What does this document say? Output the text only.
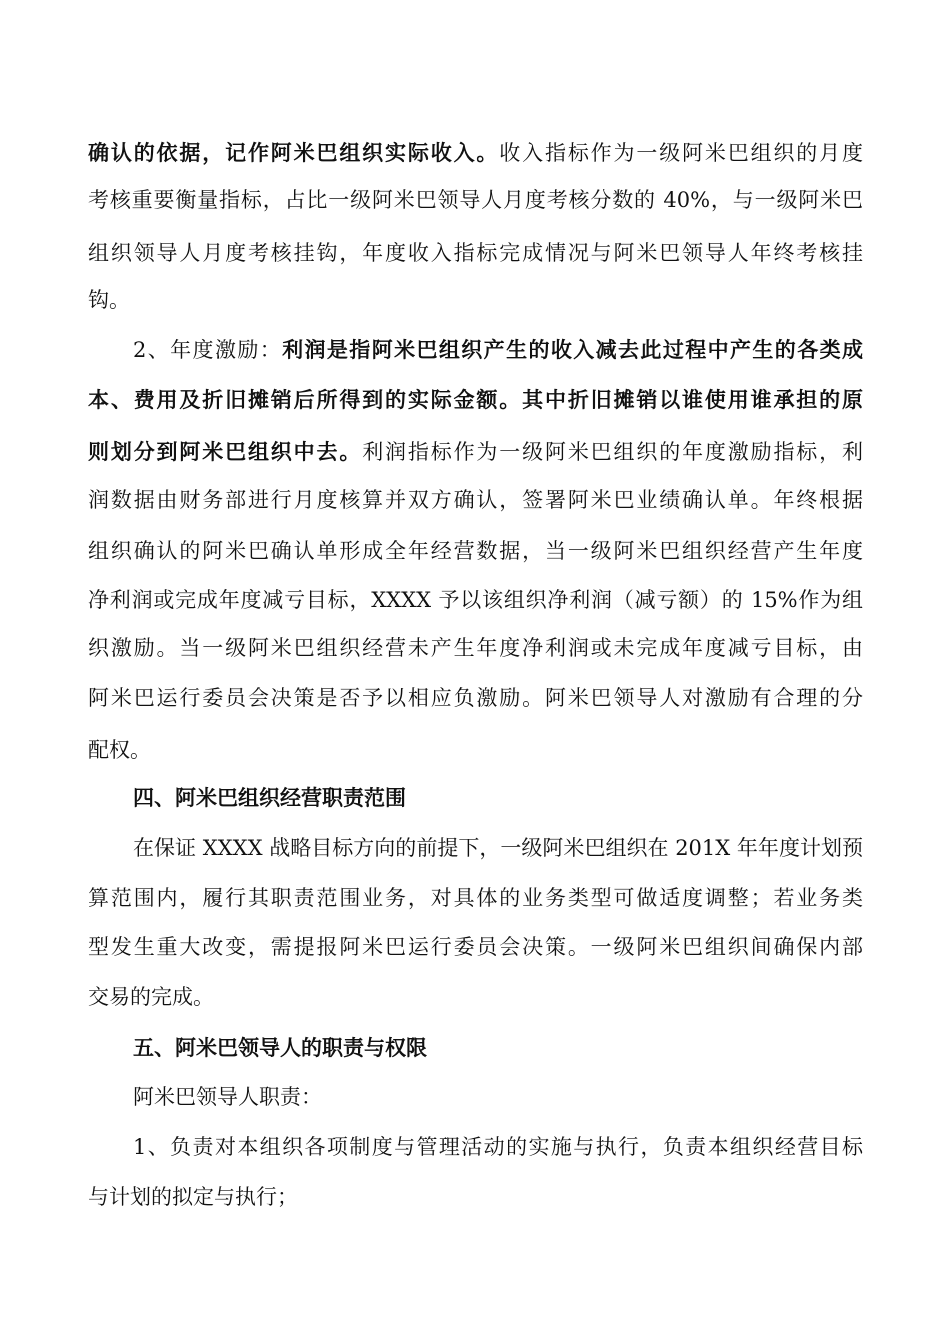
确认的依据，记作阿米巴组织实际收入。收入指标作为一级阿米巴组织的月度
考核重要衡量指标，占比一级阿米巴领导人月度考核分数的 40%，与一级阿米巴
组织领导人月度考核挂钩，年度收入指标完成情况与阿米巴领导人年终考核挂
钩。
2、年度激励：利润是指阿米巴组织产生的收入减去此过程中产生的各类成
本、费用及折旧摊销后所得到的实际金额。其中折旧摊销以谁使用谁承担的原
则划分到阿米巴组织中去。利润指标作为一级阿米巴组织的年度激励指标，利
润数据由财务部进行月度核算并双方确认，签署阿米巴业绩确认单。年终根据
组织确认的阿米巴确认单形成全年经营数据，当一级阿米巴组织经营产生年度
净利润或完成年度减亏目标，XXXX 予以该组织净利润（减亏额）的 15%作为组
织激励。当一级阿米巴组织经营未产生年度净利润或未完成年度减亏目标，由
阿米巴运行委员会决策是否予以相应负激励。阿米巴领导人对激励有合理的分
配权。
四、阿米巴组织经营职责范围
在保证 XXXX 战略目标方向的前提下，一级阿米巴组织在 201X 年年度计划预
算范围内，履行其职责范围业务，对具体的业务类型可做适度调整；若业务类
型发生重大改变，需提报阿米巴运行委员会决策。一级阿米巴组织间确保内部
交易的完成。
五、阿米巴领导人的职责与权限
阿米巴领导人职责：
1、负责对本组织各项制度与管理活动的实施与执行，负责本组织经营目标
与计划的拟定与执行；
